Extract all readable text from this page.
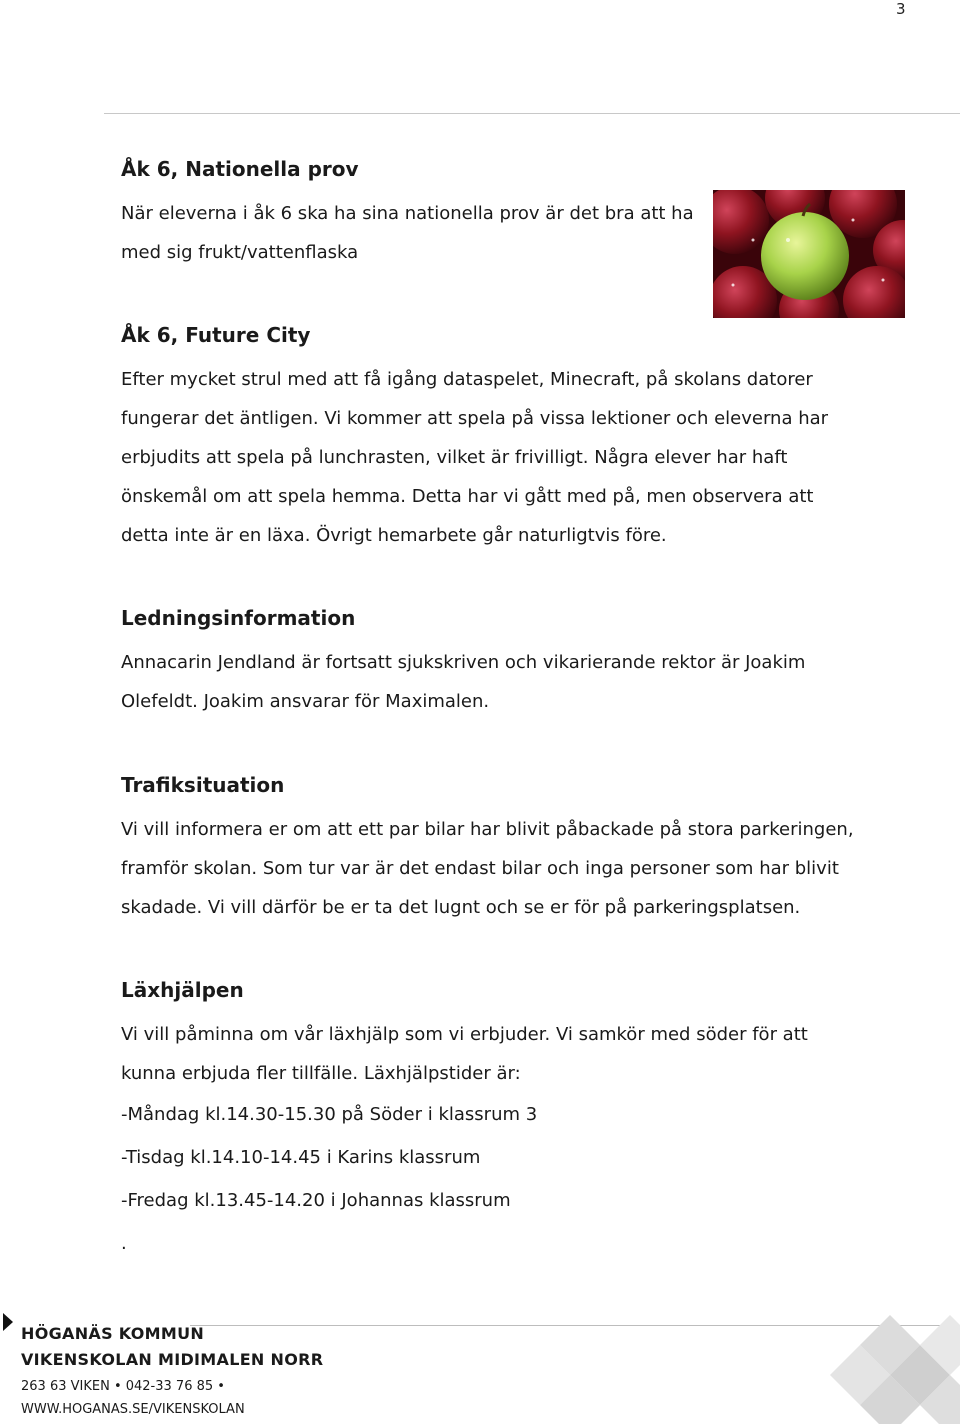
3
Åk 6, Nationella prov

När eleverna i åk 6 ska ha sina nationella prov är det bra att ha

med sig frukt/vattenflaska

Åk 6, Future City

Efter mycket strul med att få igång dataspelet, Minecraft, på skolans datorer

fungerar det äntligen. Vi kommer att spela på vissa lektioner och eleverna har

erbjudits att spela på lunchrasten, vilket är frivilligt. Några elever har haft

önskemål om att spela hemma. Detta har vi gått med på, men observera att

detta inte är en läxa. Övrigt hemarbete går naturligtvis före.

Ledningsinformation

Annacarin Jendland är fortsatt sjukskriven och vikarierande rektor är Joakim

Olefeldt. Joakim ansvarar för Maximalen.

Trafiksituation

Vi vill informera er om att ett par bilar har blivit påbackade på stora parkeringen,

framför skolan. Som tur var är det endast bilar och inga personer som har blivit

skadade. Vi vill därför be er ta det lugnt och se er för på parkeringsplatsen.

Läxhjälpen

Vi vill påminna om vår läxhjälp som vi erbjuder. Vi samkör med söder för att

kunna erbjuda fler tillfälle. Läxhjälpstider är:

-Måndag kl.14.30-15.30 på Söder i klassrum 3
-Tisdag kl.14.10-14.45 i Karins klassrum
-Fredag kl.13.45-14.20 i Johannas klassrum
.
HÖGANÄS KOMMUN
VIKENSKOLAN MIDIMALEN NORR
263 63 VIKEN • 042-33 76 85 •
WWW.HOGANAS.SE/VIKENSKOLAN
